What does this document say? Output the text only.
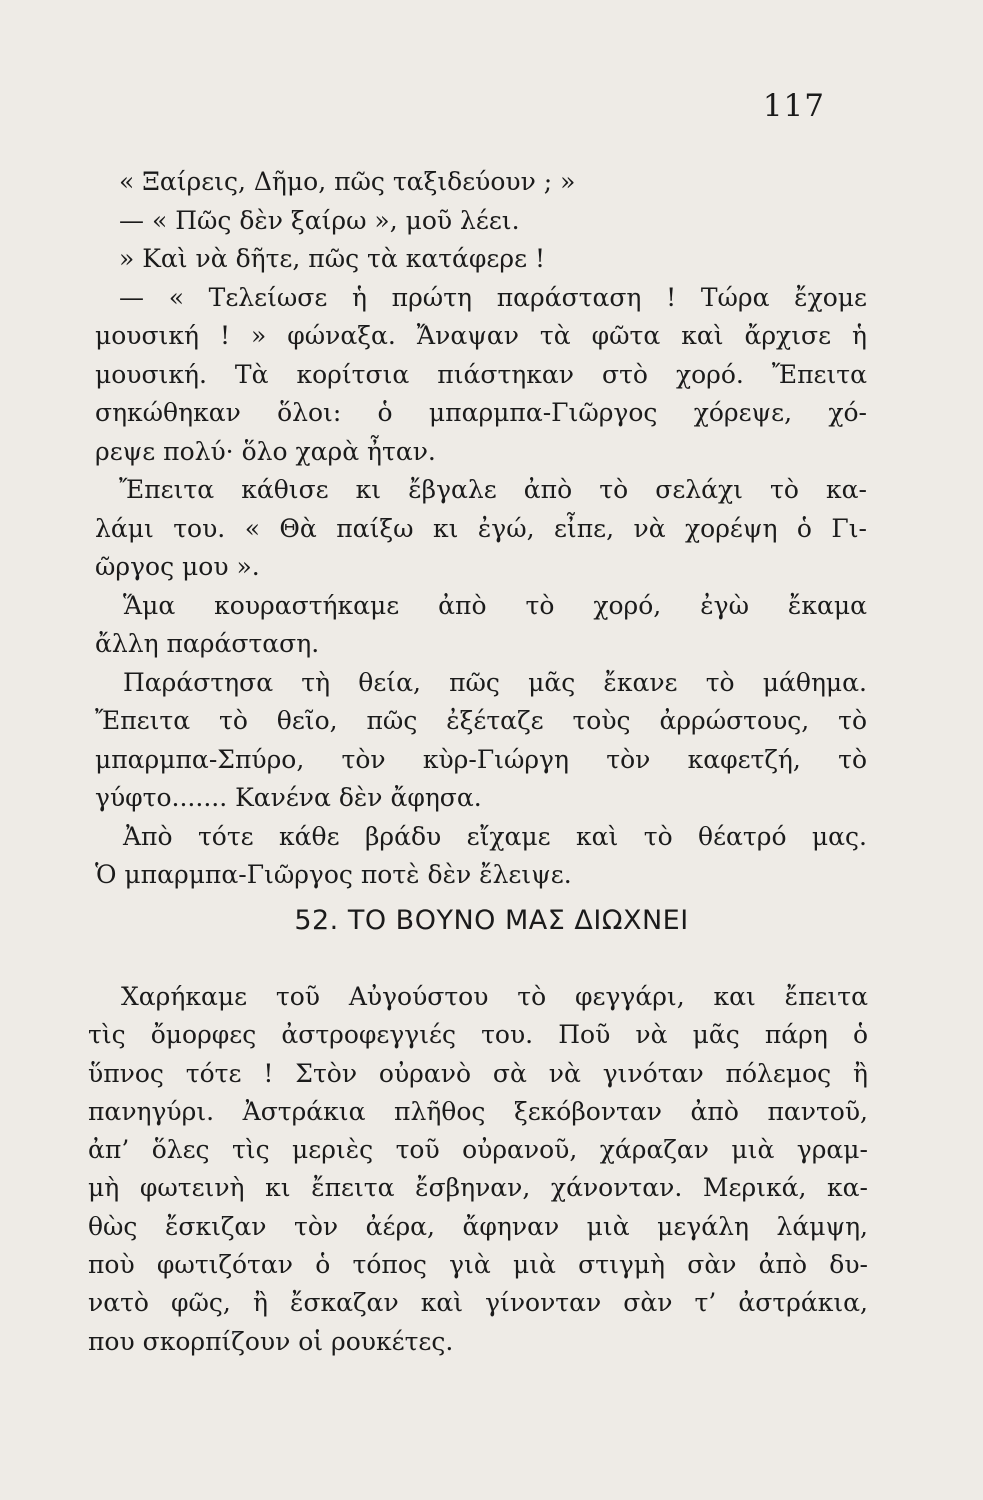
117
« Ξαίρεις, Δῆμο, πῶς ταξιδεύουν ; »
— « Πῶς δὲν ξαίρω », μοῦ λέει.
» Καὶ νὰ δῆτε, πῶς τὰ κατάφερε !
— « Τελείωσε ἡ πρώτη παράσταση ! Τώρα ἔχομε
μουσική ! » φώναξα. Ἄναψαν τὰ φῶτα καὶ ἄρχισε ἡ
μουσική. Τὰ κορίτσια πιάστηκαν στὸ χορό. Ἔπειτα
σηκώθηκαν ὅλοι: ὁ μπαρμπα-Γιῶργος χόρεψε, χό-
ρεψε πολύ· ὅλο χαρὰ ἦταν.
Ἔπειτα κάθισε κι ἔβγαλε ἀπὸ τὸ σελάχι τὸ κα-
λάμι του. « Θὰ παίξω κι ἐγώ, εἶπε, νὰ χορέψη ὁ Γι-
ῶργος μου ».
Ἅμα κουραστήκαμε ἀπὸ τὸ χορό, ἐγὼ ἔκαμα
ἄλλη παράσταση.
Παράστησα τὴ θεία, πῶς μᾶς ἔκανε τὸ μάθημα.
Ἔπειτα τὸ θεῖο, πῶς ἐξέταζε τοὺς ἀρρώστους, τὸ
μπαρμπα-Σπύρο, τὸν κὺρ-Γιώργη τὸν καφετζή, τὸ
γύφτο....... Κανένα δὲν ἄφησα.
Ἀπὸ τότε κάθε βράδυ εἴχαμε καὶ τὸ θέατρό μας.
Ὁ μπαρμπα-Γιῶργος ποτὲ δὲν ἔλειψε.
52. ΤΟ ΒΟΥΝΟ ΜΑΣ ΔΙΩΧΝΕΙ
Χαρήκαμε τοῦ Αὐγούστου τὸ φεγγάρι, και ἔπειτα
τὶς ὄμορφες ἀστροφεγγιές του. Ποῦ νὰ μᾶς πάρη ὁ
ὕπνος τότε ! Στὸν οὐρανὸ σὰ νὰ γινόταν πόλεμος ἢ
πανηγύρι. Ἀστράκια πλῆθος ξεκόβονταν ἀπὸ παντοῦ,
ἀπ’ ὅλες τὶς μεριὲς τοῦ οὐρανοῦ, χάραζαν μιὰ γραμ-
μὴ φωτεινὴ κι ἔπειτα ἔσβηναν, χάνονταν. Μερικά, κα-
θὼς ἔσκιζαν τὸν ἀέρα, ἄφηναν μιὰ μεγάλη λάμψη,
ποὺ φωτιζόταν ὁ τόπος γιὰ μιὰ στιγμὴ σὰν ἀπὸ δυ-
νατὸ φῶς, ἢ ἔσκαζαν καὶ γίνονταν σὰν τ’ ἀστράκια,
που σκορπίζουν οἱ ρουκέτες.
